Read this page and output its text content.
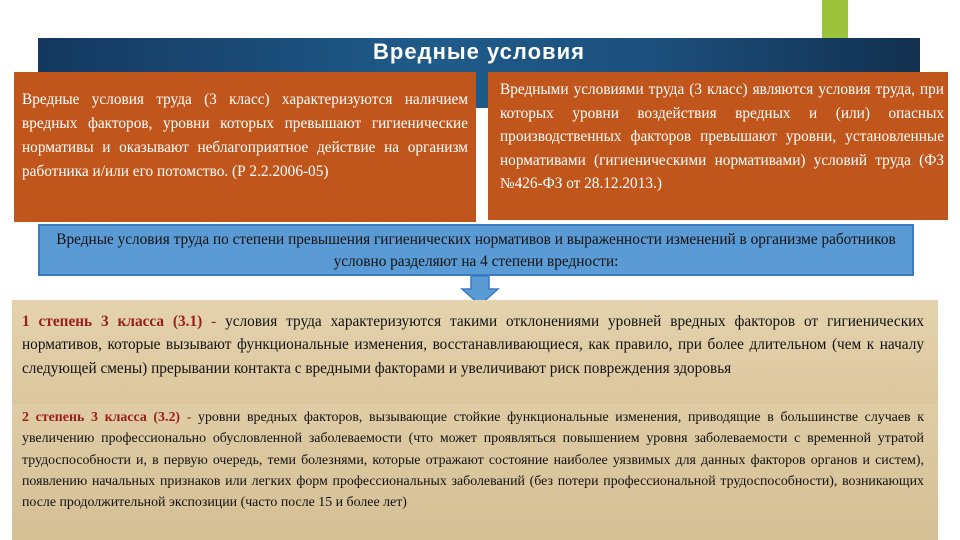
Вредные условия
Вредные условия труда (3 класс) характеризуются наличием вредных факторов, уровни которых превышают гигиенические нормативы и оказывают неблагоприятное действие на организм работника и/или его потомство. (Р 2.2.2006-05)
Вредными условиями труда (3 класс) являются условия труда, при которых уровни воздействия вредных и (или) опасных производственных факторов превышают уровни, установленные нормативами (гигиеническими нормативами) условий труда (ФЗ №426-ФЗ от 28.12.2013.)
Вредные условия труда по степени превышения гигиенических нормативов и выраженности изменений в организме работников условно разделяют на 4 степени вредности:
1 степень 3 класса (3.1) - условия труда характеризуются такими отклонениями уровней вредных факторов от гигиенических нормативов, которые вызывают функциональные изменения, восстанавливающиеся, как правило, при более длительном (чем к началу следующей смены) прерывании контакта с вредными факторами и увеличивают риск повреждения здоровья
2 степень 3 класса (3.2) - уровни вредных факторов, вызывающие стойкие функциональные изменения, приводящие в большинстве случаев к увеличению профессионально обусловленной заболеваемости (что может проявляться повышением уровня заболеваемости с временной утратой трудоспособности и, в первую очередь, теми болезнями, которые отражают состояние наиболее уязвимых для данных факторов органов и систем), появлению начальных признаков или легких форм профессиональных заболеваний (без потери профессиональной трудоспособности), возникающих после продолжительной экспозиции (часто после 15 и более лет)
